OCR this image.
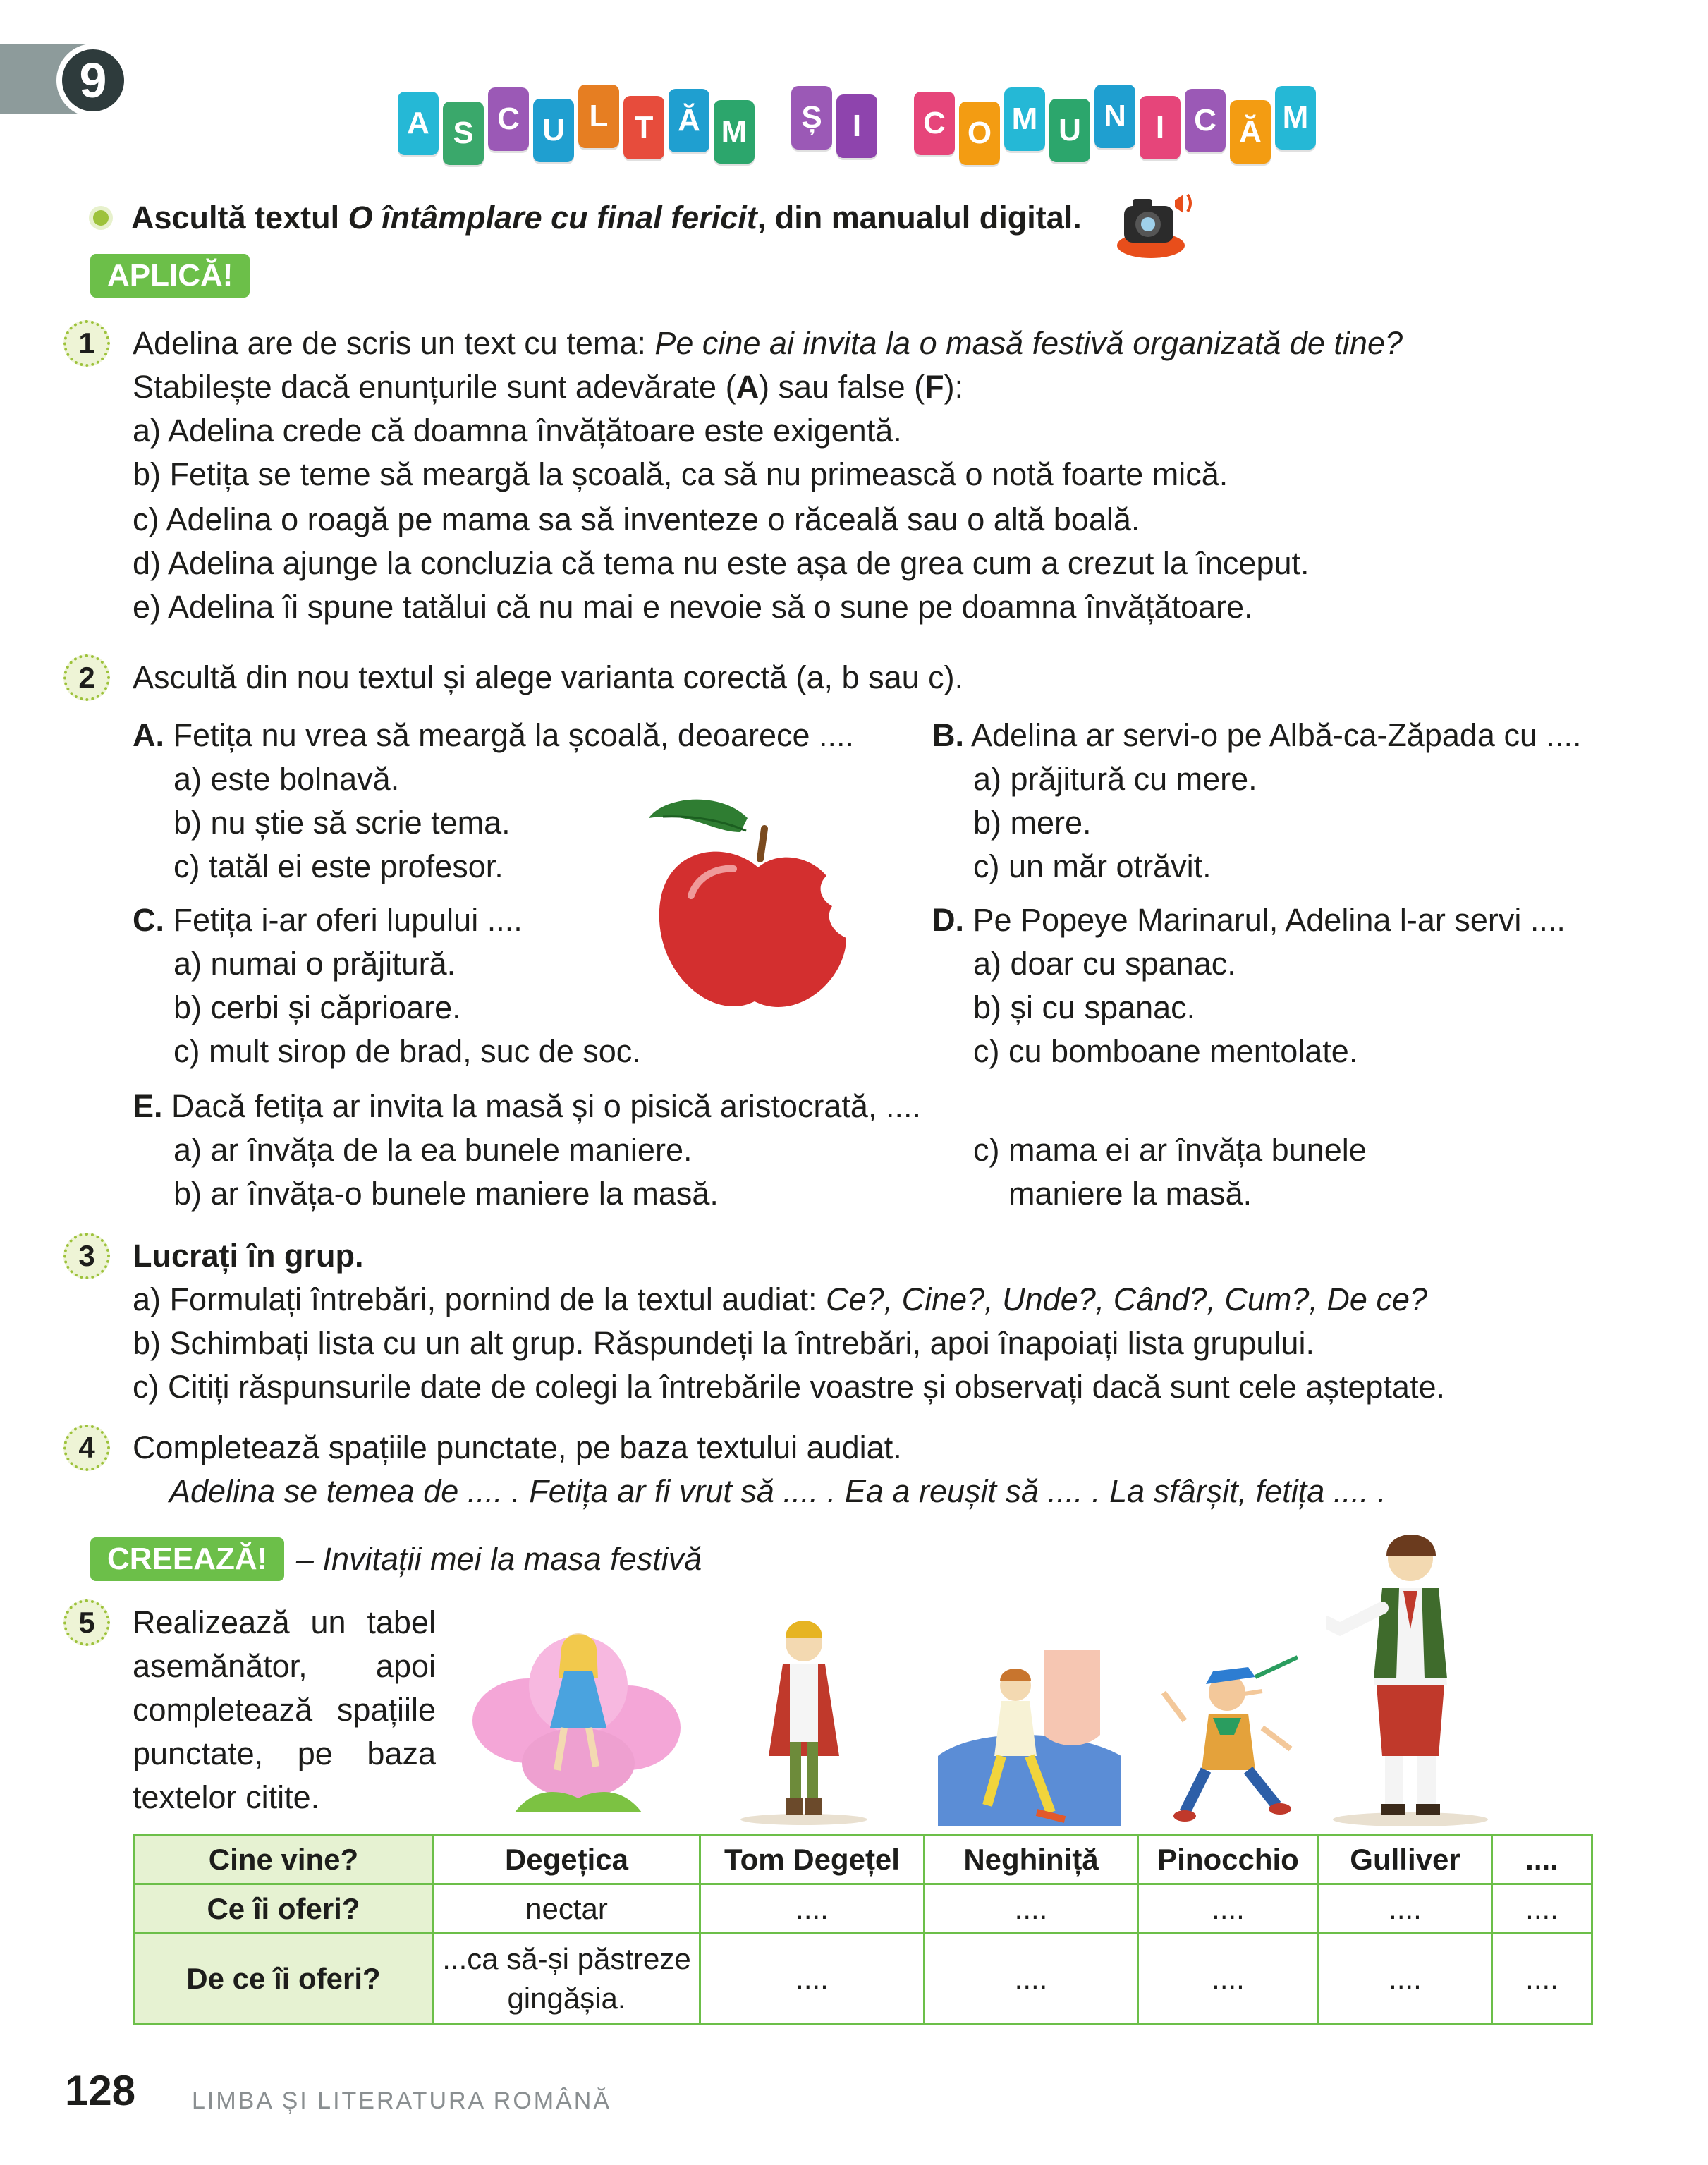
9
A S C U L T Ă M	Ș I	C O M U N I C Ă M
Ascultă textul O întâmplare cu final fericit, din manualul digital.
APLICĂ!
1	Adelina are de scris un text cu tema: Pe cine ai invita la o masă festivă organizată de tine?
Stabilește dacă enunțurile sunt adevărate (A) sau false (F):
a) Adelina crede că doamna învățătoare este exigentă.
b) Fetița se teme să meargă la școală, ca să nu primească o notă foarte mică.
c) Adelina o roagă pe mama sa să inventeze o răceală sau o altă boală.
d) Adelina ajunge la concluzia că tema nu este așa de grea cum a crezut la început.
e) Adelina îi spune tatălui că nu mai e nevoie să o sune pe doamna învățătoare.
2	Ascultă din nou textul și alege varianta corectă (a, b sau c).
A. Fetița nu vrea să meargă la școală, deoarece ....
a) este bolnavă.
b) nu știe să scrie tema.
c) tatăl ei este profesor.
B. Adelina ar servi-o pe Albă-ca-Zăpada cu ....
a) prăjitură cu mere.
b) mere.
c) un măr otrăvit.
C. Fetița i-ar oferi lupului ....
a) numai o prăjitură.
b) cerbi și căprioare.
c) mult sirop de brad, suc de soc.
D. Pe Popeye Marinarul, Adelina l-ar servi ....
a) doar cu spanac.
b) și cu spanac.
c) cu bomboane mentolate.
E. Dacă fetița ar invita la masă și o pisică aristocrată, ....
a) ar învăța de la ea bunele maniere.
b) ar învăța-o bunele maniere la masă.
c) mama ei ar învăța bunele
maniere la masă.
3	Lucrați în grup.
a) Formulați întrebări, pornind de la textul audiat: Ce?, Cine?, Unde?, Când?, Cum?, De ce?
b) Schimbați lista cu un alt grup. Răspundeți la întrebări, apoi înapoiați lista grupului.
c) Citiți răspunsurile date de colegi la întrebările voastre și observați dacă sunt cele așteptate.
4	Completează spațiile punctate, pe baza textului audiat.
Adelina se temea de .... . Fetița ar fi vrut să .... . Ea a reușit să .... . La sfârșit, fetița .... .
CREEAZĂ! – Invitații mei la masa festivă
5	Realizează un tabel
asemănător, apoi
completează spațiile
punctate, pe baza
textelor citite.
Cine vine?	Degețica	Tom Degețel	Neghiniță	Pinocchio	Gulliver	....
Ce îi oferi?	nectar	....	....	....	....	....
De ce îi oferi?	...ca să-și păstreze gingășia.	....	....	....	....	....
128 LIMBA ȘI LITERATURA ROMÂNĂ
